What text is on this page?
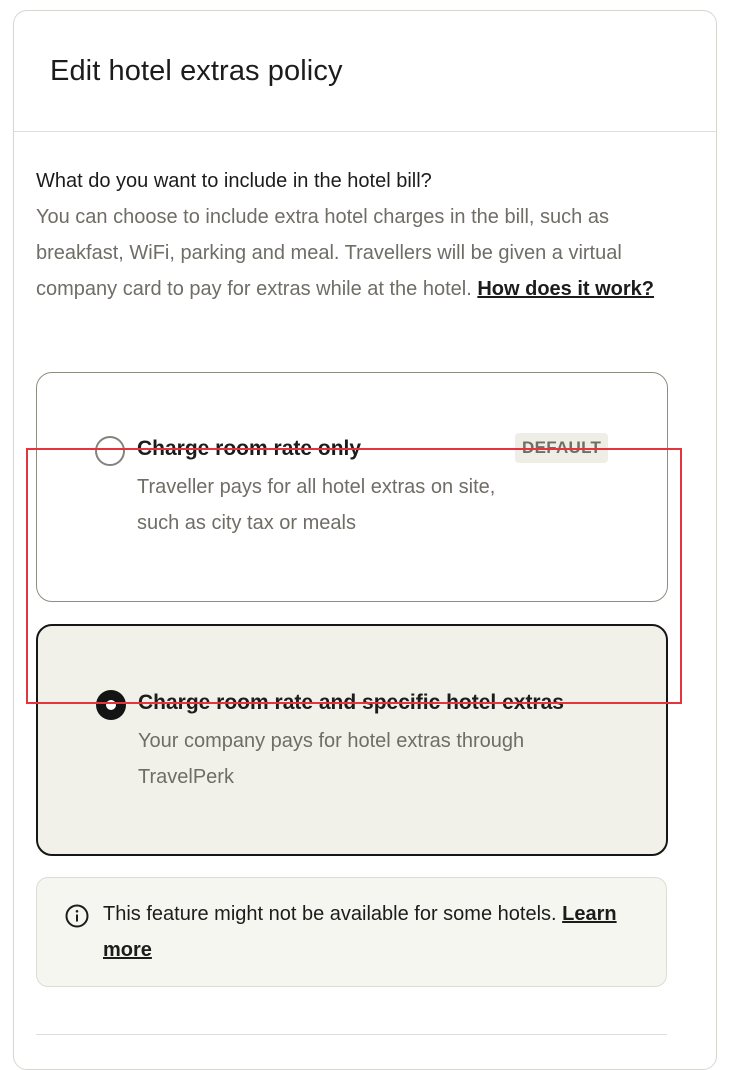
Edit hotel extras policy
What do you want to include in the hotel bill?
You can choose to include extra hotel charges in the bill, such as breakfast, WiFi, parking and meal. Travellers will be given a virtual company card to pay for extras while at the hotel. How does it work?
Charge room rate only	DEFAULT
Traveller pays for all hotel extras on site, such as city tax or meals
Charge room rate and specific hotel extras
Your company pays for hotel extras through TravelPerk
This feature might not be available for some hotels. Learn more
